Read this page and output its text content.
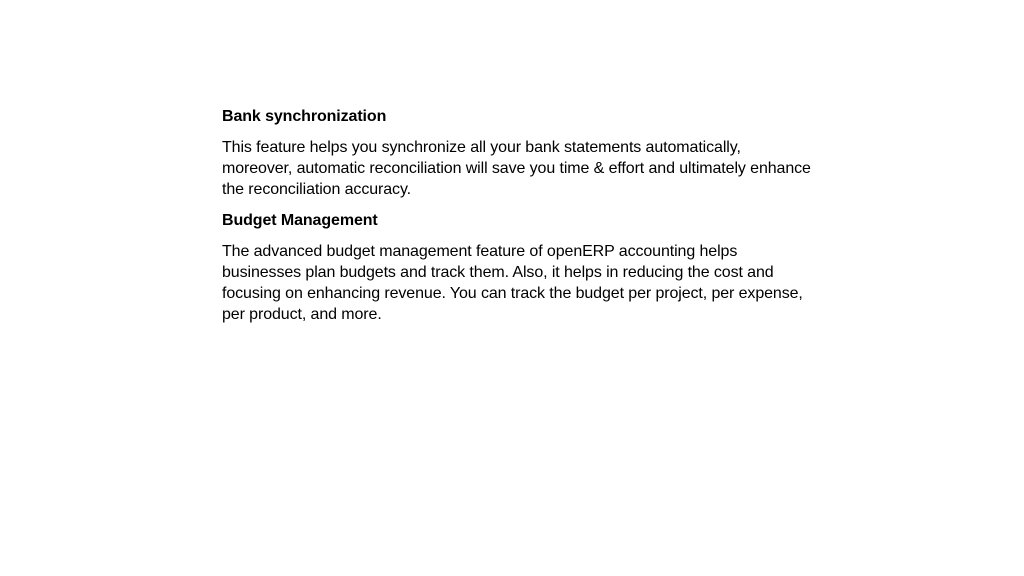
Bank synchronization
This feature helps you synchronize all your bank statements automatically, moreover, automatic reconciliation will save you time & effort and ultimately enhance the reconciliation accuracy.
Budget Management
The advanced budget management feature of openERP accounting helps businesses plan budgets and track them. Also, it helps in reducing the cost and focusing on enhancing revenue. You can track the budget per project, per expense, per product, and more.
